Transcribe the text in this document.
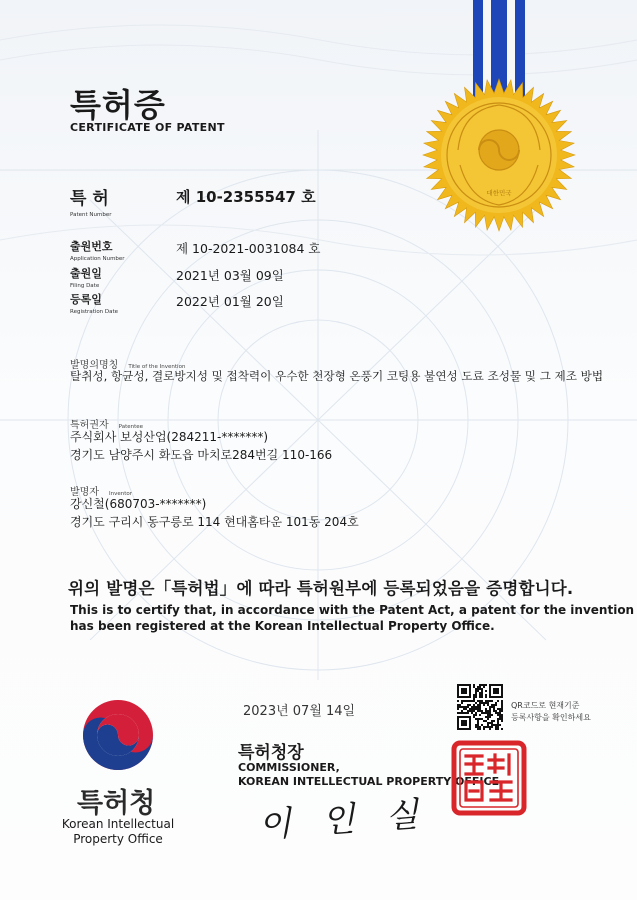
대한민국
특허증
CERTIFICATE OF PATENT
특 허
Patent Number
제 10-2355547 호
출원번호
Application Number
제 10-2021-0031084 호
출원일
Filing Date
2021년 03월 09일
등록일
Registration Date
2022년 01월 20일
발명의명칭 Title of the Invention
탈취성, 항균성, 결로방지성 및 접착력이 우수한 천장형 온풍기 코팅용 불연성 도료 조성물 및 그 제조 방법
특허권자 Patentee
주식회사 보성산업(284211-*******)
경기도 남양주시 화도읍 마치로284번길 110-166
발명자 Inventor
강신철(680703-*******)
경기도 구리시 동구릉로 114 현대홈타운 101동 204호
위의 발명은「특허법」에 따라 특허원부에 등록되었음을 증명합니다.
This is to certify that, in accordance with the Patent Act, a patent for the invention
has been registered at the Korean Intellectual Property Office.
특허청
Korean Intellectual
Property Office
2023년 07월 14일	QR코드로 현재기준
등록사항을 확인하세요
특허청장
COMMISSIONER,
KOREAN INTELLECTUAL PROPERTY OFFICE
이 인 실
